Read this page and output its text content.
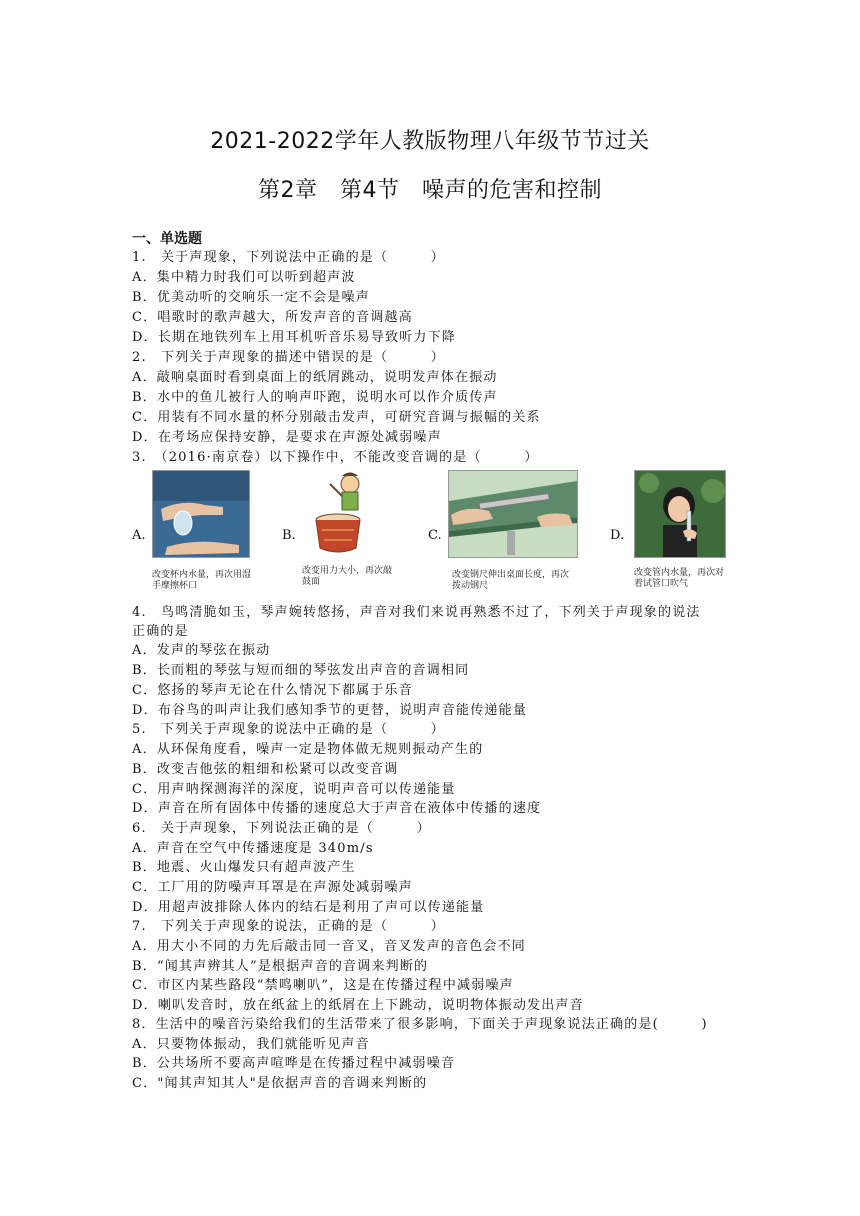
2021-2022学年人教版物理八年级节节过关
第2章　第4节　噪声的危害和控制
一、单选题
1.　关于声现象，下列说法中正确的是（　　　）
A．集中精力时我们可以听到超声波
B．优美动听的交响乐一定不会是噪声
C．唱歌时的歌声越大，所发声音的音调越高
D．长期在地铁列车上用耳机听音乐易导致听力下降
2.　下列关于声现象的描述中错误的是（　　　）
A．敲响桌面时看到桌面上的纸屑跳动，说明发声体在振动
B．水中的鱼儿被行人的响声吓跑，说明水可以作介质传声
C．用装有不同水量的杯分别敲击发声，可研究音调与振幅的关系
D．在考场应保持安静，是要求在声源处减弱噪声
3.　（2016·南京卷）以下操作中，不能改变音调的是（　　　）
A.
改变杯内水量，再次用湿手摩擦杯口
B.
改变用力大小，再次敲鼓面
C.
改变钢尺伸出桌面长度，再次拨动钢尺
D.
改变管内水量，再次对着试管口吹气
4.　鸟鸣清脆如玉，琴声婉转悠扬，声音对我们来说再熟悉不过了，下列关于声现象的说法
正确的是
A．发声的琴弦在振动
B．长而粗的琴弦与短而细的琴弦发出声音的音调相同
C．悠扬的琴声无论在什么情况下都属于乐音
D．布谷鸟的叫声让我们感知季节的更替，说明声音能传递能量
5.　下列关于声现象的说法中正确的是（　　　）
A．从环保角度看，噪声一定是物体做无规则振动产生的
B．改变吉他弦的粗细和松紧可以改变音调
C．用声呐探测海洋的深度，说明声音可以传递能量
D．声音在所有固体中传播的速度总大于声音在液体中传播的速度
6.　关于声现象，下列说法正确的是（　　　）
A．声音在空气中传播速度是 340m/s
B．地震、火山爆发只有超声波产生
C．工厂用的防噪声耳罩是在声源处减弱噪声
D．用超声波排除人体内的结石是利用了声可以传递能量
7.　下列关于声现象的说法，正确的是（　　　）
A．用大小不同的力先后敲击同一音叉，音叉发声的音色会不同
B．“闻其声辨其人”是根据声音的音调来判断的
C．市区内某些路段“禁鸣喇叭”，这是在传播过程中减弱噪声
D．喇叭发音时，放在纸盆上的纸屑在上下跳动，说明物体振动发出声音
8．生活中的噪音污染给我们的生活带来了很多影响，下面关于声现象说法正确的是(　　　)
A．只要物体振动，我们就能听见声音
B．公共场所不要高声喧哗是在传播过程中减弱噪音
C．"闻其声知其人"是依据声音的音调来判断的
